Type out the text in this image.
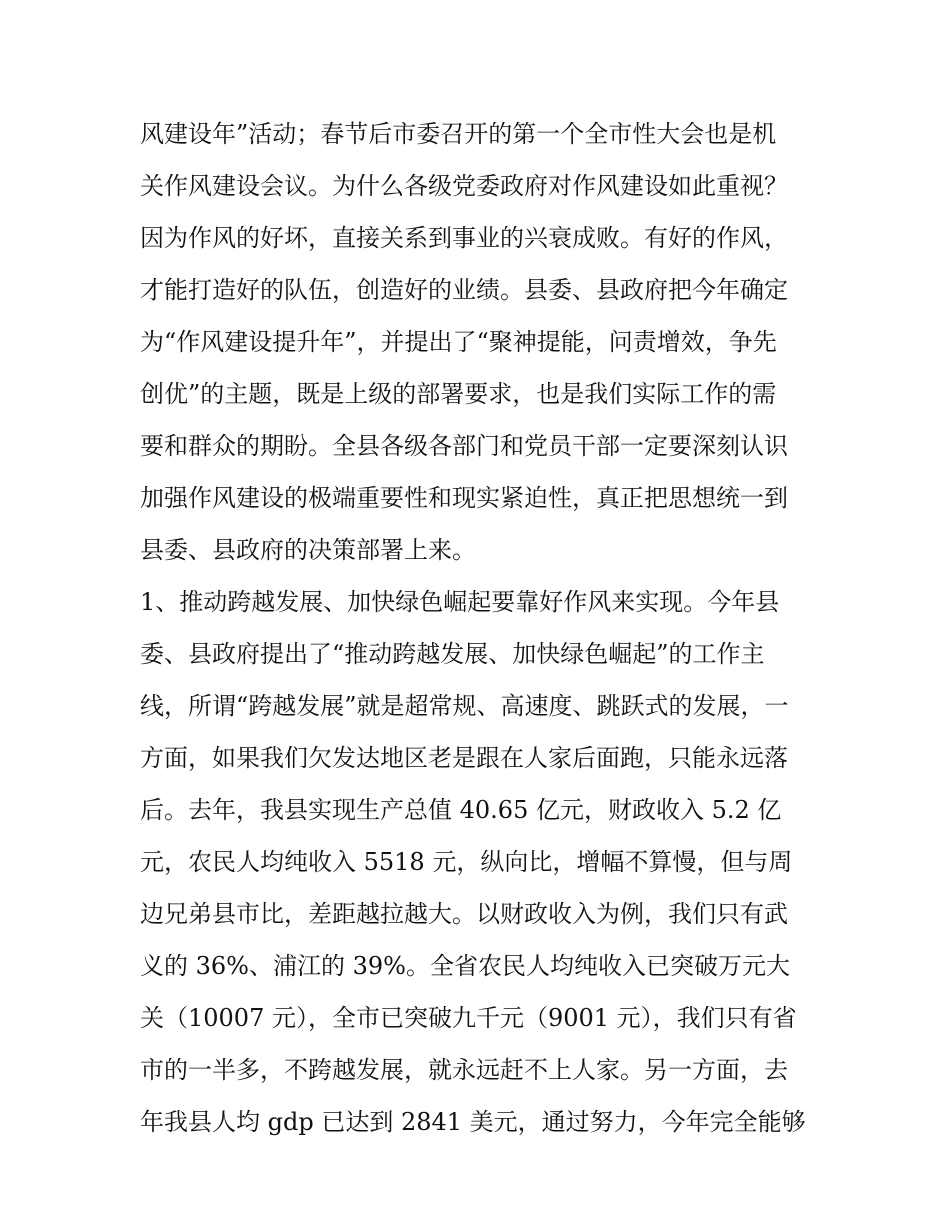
风建设年”活动；春节后市委召开的第一个全市性大会也是机
关作风建设会议。为什么各级党委政府对作风建设如此重视？
因为作风的好坏，直接关系到事业的兴衰成败。有好的作风，
才能打造好的队伍，创造好的业绩。县委、县政府把今年确定
为“作风建设提升年”，并提出了“聚神提能，问责增效，争先
创优”的主题，既是上级的部署要求，也是我们实际工作的需
要和群众的期盼。全县各级各部门和党员干部一定要深刻认识
加强作风建设的极端重要性和现实紧迫性，真正把思想统一到
县委、县政府的决策部署上来。
1、推动跨越发展、加快绿色崛起要靠好作风来实现。今年县
委、县政府提出了“推动跨越发展、加快绿色崛起”的工作主
线，所谓“跨越发展”就是超常规、高速度、跳跃式的发展，一
方面，如果我们欠发达地区老是跟在人家后面跑，只能永远落
后。去年，我县实现生产总值 40.65 亿元，财政收入 5.2 亿
元，农民人均纯收入 5518 元，纵向比，增幅不算慢，但与周
边兄弟县市比，差距越拉越大。以财政收入为例，我们只有武
义的 36%、浦江的 39%。全省农民人均纯收入已突破万元大
关（10007 元），全市已突破九千元（9001 元），我们只有省
市的一半多，不跨越发展，就永远赶不上人家。另一方面，去
年我县人均 gdp 已达到 2841 美元，通过努力，今年完全能够
